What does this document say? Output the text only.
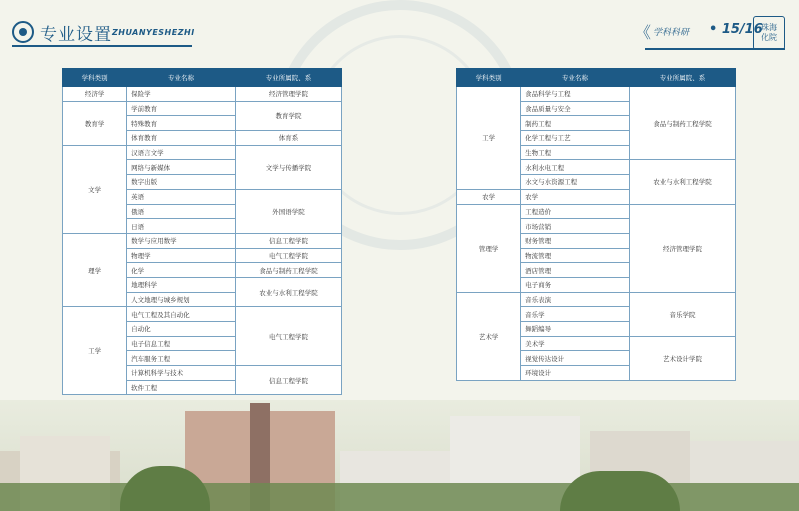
专业设置 ZHUANYESHEZHI	《 学科科研 • 15/16
珠海
化院
学科类别	专业名称	专业所属院、系
经济学	保险学	经济管理学院
教育学	学前教育	教育学院
	特殊教育	
	体育教育	体育系
文学	汉语言文学	文学与传播学院
	网络与新媒体	
	数字出版	
	英语	外国语学院
	俄语	
	日语	
理学	数学与应用数学	信息工程学院
	物理学	电气工程学院
	化学	食品与制药工程学院
	地理科学	农业与水利工程学院
	人文地理与城乡规划	
工学	电气工程及其自动化	电气工程学院
	自动化	
	电子信息工程	
	汽车服务工程	
	计算机科学与技术	信息工程学院
	软件工程	
学科类别	专业名称	专业所属院、系
工学	食品科学与工程	食品与制药工程学院
	食品质量与安全	
	制药工程	
	化学工程与工艺	
	生物工程	
	水利水电工程	农业与水利工程学院
	水文与水资源工程	
农学	农学	
管理学	工程造价	经济管理学院
	市场营销	
	财务管理	
	物流管理	
	酒店管理	
	电子商务	
艺术学	音乐表演	音乐学院
	音乐学	
	舞蹈编导	
	美术学	艺术设计学院
	视觉传达设计	
	环境设计	
